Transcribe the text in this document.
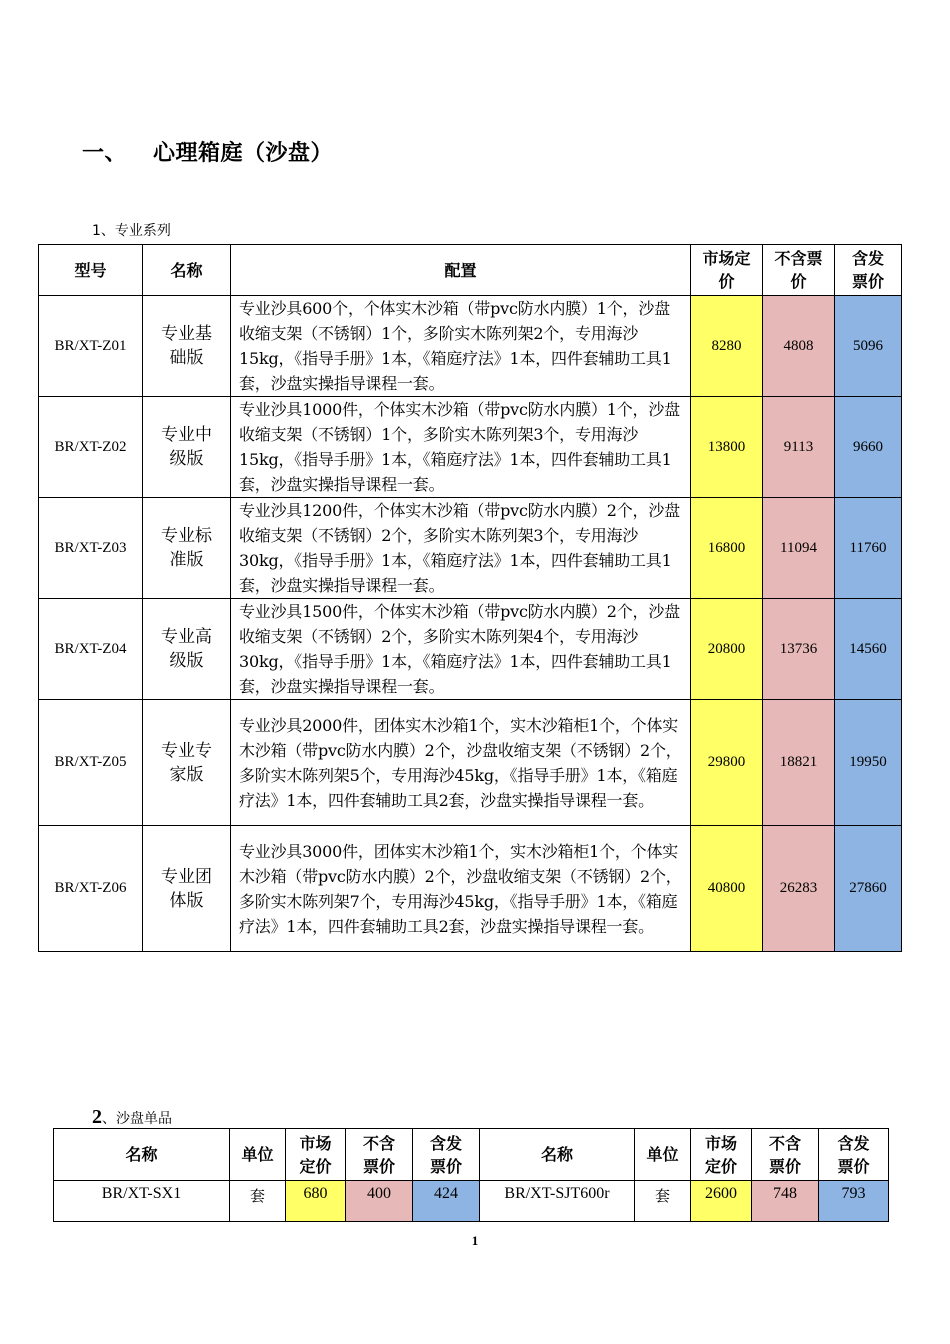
一、 心理箱庭（沙盘）
1、专业系列
型号	名称	配置	市场定价	不含票价	含发票价
BR/XT-Z01	专业基础版	专业沙具600个，个体实木沙箱（带pvc防水内膜）1个，沙盘收缩支架（不锈钢）1个，多阶实木陈列架2个，专用海沙15kg，《指导手册》1本，《箱庭疗法》1本，四件套辅助工具1套，沙盘实操指导课程一套。	8280	4808	5096
BR/XT-Z02	专业中级版	专业沙具1000件，个体实木沙箱（带pvc防水内膜）1个，沙盘收缩支架（不锈钢）1个，多阶实木陈列架3个，专用海沙15kg，《指导手册》1本，《箱庭疗法》1本，四件套辅助工具1套，沙盘实操指导课程一套。	13800	9113	9660
BR/XT-Z03	专业标准版	专业沙具1200件，个体实木沙箱（带pvc防水内膜）2个，沙盘收缩支架（不锈钢）2个，多阶实木陈列架3个，专用海沙30kg，《指导手册》1本，《箱庭疗法》1本，四件套辅助工具1套，沙盘实操指导课程一套。	16800	11094	11760
BR/XT-Z04	专业高级版	专业沙具1500件，个体实木沙箱（带pvc防水内膜）2个，沙盘收缩支架（不锈钢）2个，多阶实木陈列架4个，专用海沙30kg，《指导手册》1本，《箱庭疗法》1本，四件套辅助工具1套，沙盘实操指导课程一套。	20800	13736	14560
BR/XT-Z05	专业专家版	专业沙具2000件，团体实木沙箱1个，实木沙箱柜1个，个体实木沙箱（带pvc防水内膜）2个，沙盘收缩支架（不锈钢）2个，多阶实木陈列架5个，专用海沙45kg，《指导手册》1本，《箱庭疗法》1本，四件套辅助工具2套，沙盘实操指导课程一套。	29800	18821	19950
BR/XT-Z06	专业团体版	专业沙具3000件，团体实木沙箱1个，实木沙箱柜1个，个体实木沙箱（带pvc防水内膜）2个，沙盘收缩支架（不锈钢）2个，多阶实木陈列架7个，专用海沙45kg，《指导手册》1本，《箱庭疗法》1本，四件套辅助工具2套，沙盘实操指导课程一套。	40800	26283	27860
2、沙盘单品
名称	单位	市场定价	不含票价	含发票价	名称	单位	市场定价	不含票价	含发票价
BR/XT-SX1	套	680	400	424	BR/XT-SJT600r	套	2600	748	793
1
